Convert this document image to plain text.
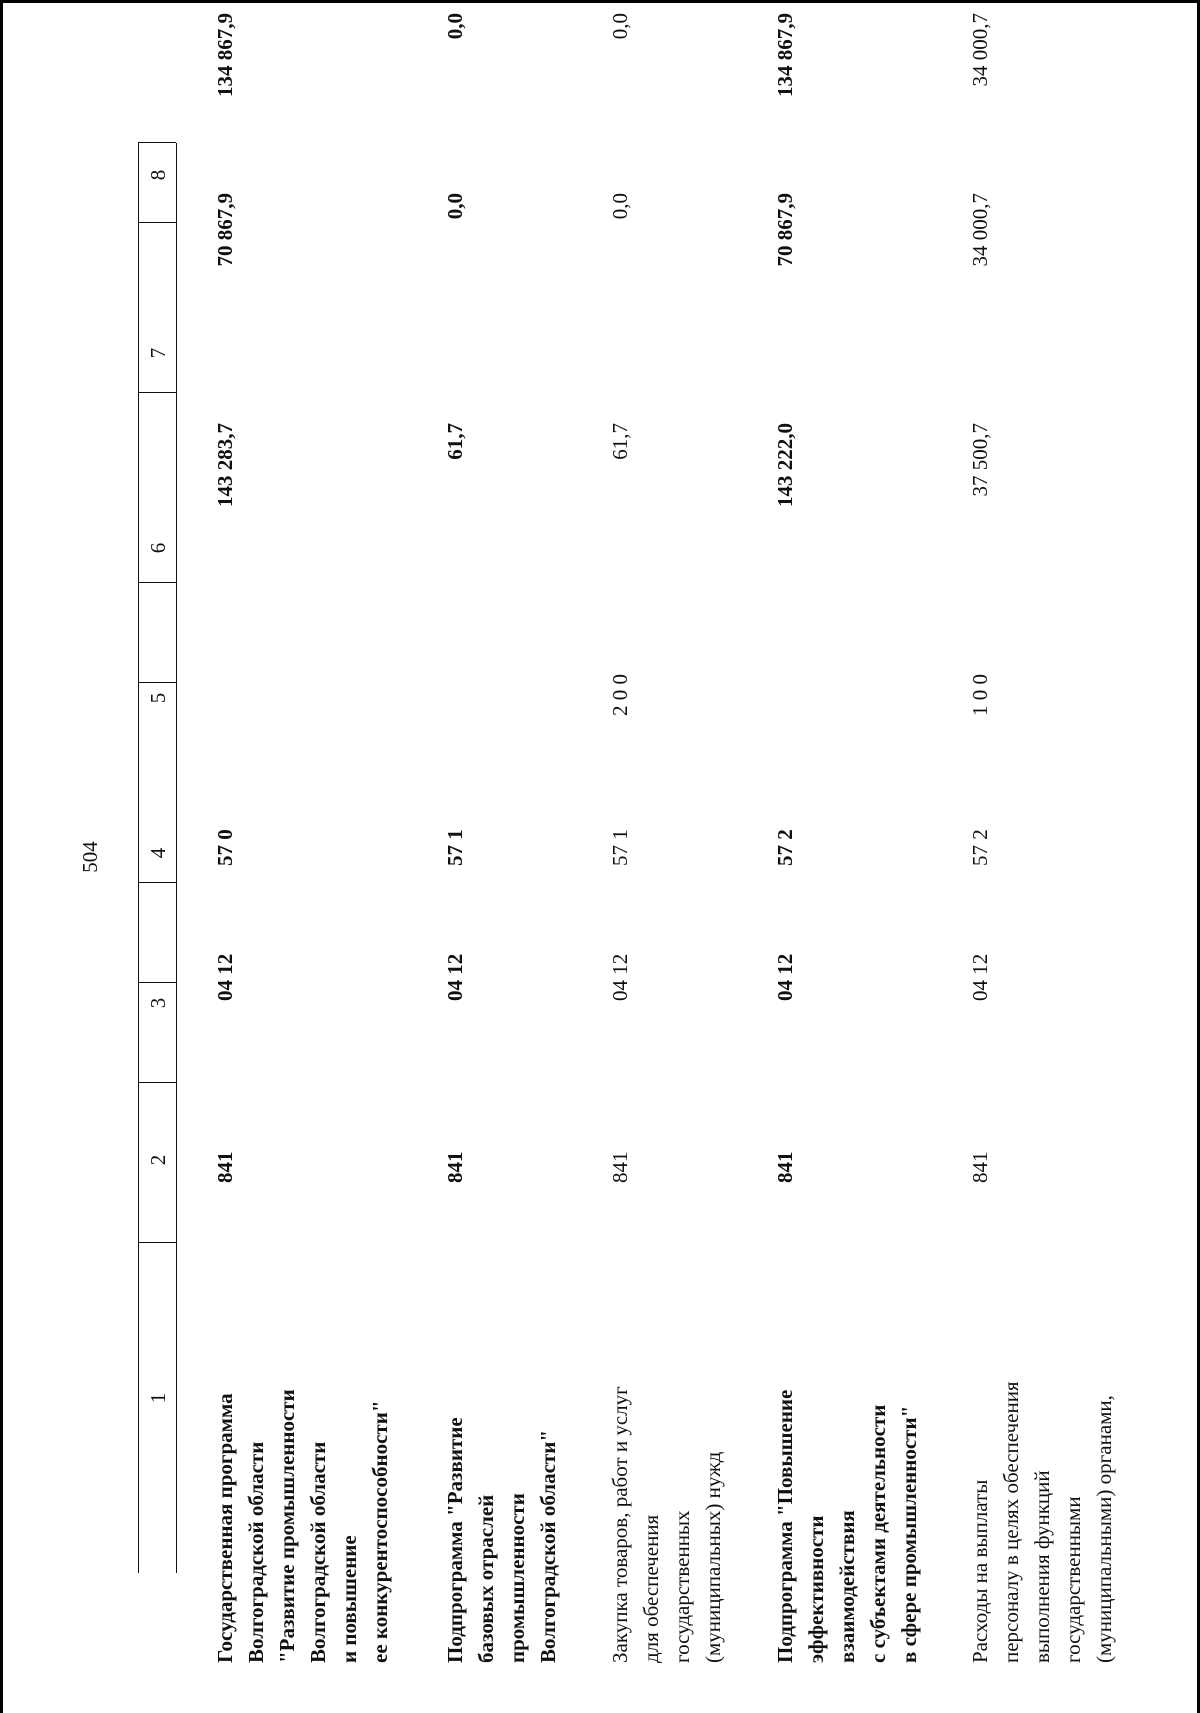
504
1
2
3
4
5
6
7
8
Государственная программа Волгоградской области "Развитие промышленности Волгоградской области и повышение ее конкурентоспособности"
841
04 12
57 0
143 283,7
70 867,9
134 867,9
Подпрограмма "Развитие базовых отраслей промышленности Волгоградской области"
841
04 12
57 1
61,7
0,0
0,0
Закупка товаров, работ и услуг для обеспечения государственных (муниципальных) нужд
841
04 12
57 1
2 0 0
61,7
0,0
0,0
Подпрограмма "Повышение эффективности взаимодействия с субъектами деятельности в сфере промышленности"
841
04 12
57 2
143 222,0
70 867,9
134 867,9
Расходы на выплаты персоналу в целях обеспечения выполнения функций государственными (муниципальными) органами,
841
04 12
57 2
1 0 0
37 500,7
34 000,7
34 000,7
